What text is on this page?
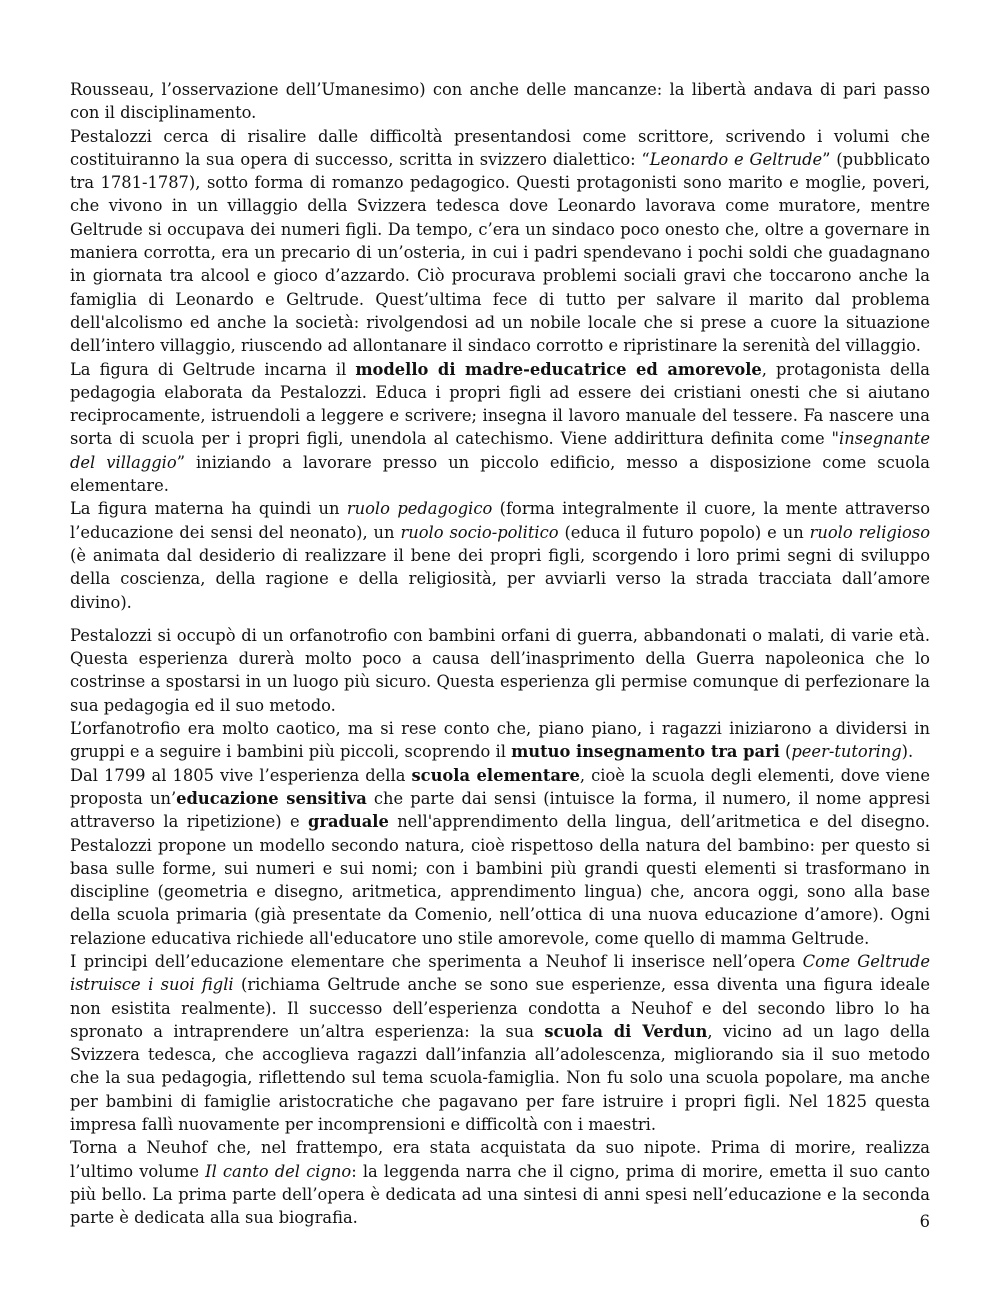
Rousseau, l’osservazione dell’Umanesimo) con anche delle mancanze: la libertà andava di pari passo con il disciplinamento.

Pestalozzi cerca di risalire dalle difficoltà presentandosi come scrittore, scrivendo i volumi che costituiranno la sua opera di successo, scritta in svizzero dialettico: “Leonardo e Geltrude” (pubblicato tra 1781-1787), sotto forma di romanzo pedagogico. Questi protagonisti sono marito e moglie, poveri, che vivono in un villaggio della Svizzera tedesca dove Leonardo lavorava come muratore, mentre Geltrude si occupava dei numeri figli. Da tempo, c’era un sindaco poco onesto che, oltre a governare in maniera corrotta, era un precario di un’osteria, in cui i padri spendevano i pochi soldi che guadagnano in giornata tra alcool e gioco d’azzardo. Ciò procurava problemi sociali gravi che toccarono anche la famiglia di Leonardo e Geltrude. Quest’ultima fece di tutto per salvare il marito dal problema dell'alcolismo ed anche la società: rivolgendosi ad un nobile locale che si prese a cuore la situazione dell’intero villaggio, riuscendo ad allontanare il sindaco corrotto e ripristinare la serenità del villaggio.

La figura di Geltrude incarna il modello di madre-educatrice ed amorevole, protagonista della pedagogia elaborata da Pestalozzi. Educa i propri figli ad essere dei cristiani onesti che si aiutano reciprocamente, istruendoli a leggere e scrivere; insegna il lavoro manuale del tessere. Fa nascere una sorta di scuola per i propri figli, unendola al catechismo. Viene addirittura definita come "insegnante del villaggio” iniziando a lavorare presso un piccolo edificio, messo a disposizione come scuola elementare.

La figura materna ha quindi un ruolo pedagogico (forma integralmente il cuore, la mente attraverso l’educazione dei sensi del neonato), un ruolo socio-politico (educa il futuro popolo) e un ruolo religioso (è animata dal desiderio di realizzare il bene dei propri figli, scorgendo i loro primi segni di sviluppo della coscienza, della ragione e della religiosità, per avviarli verso la strada tracciata dall’amore divino).

Pestalozzi si occupò di un orfanotrofio con bambini orfani di guerra, abbandonati o malati, di varie età. Questa esperienza durerà molto poco a causa dell’inasprimento della Guerra napoleonica che lo costrinse a spostarsi in un luogo più sicuro. Questa esperienza gli permise comunque di perfezionare la sua pedagogia ed il suo metodo.

L’orfanotrofio era molto caotico, ma si rese conto che, piano piano, i ragazzi iniziarono a dividersi in gruppi e a seguire i bambini più piccoli, scoprendo il mutuo insegnamento tra pari (peer-tutoring).

Dal 1799 al 1805 vive l’esperienza della scuola elementare, cioè la scuola degli elementi, dove viene proposta un’educazione sensitiva che parte dai sensi (intuisce la forma, il numero, il nome appresi attraverso la ripetizione) e graduale nell'apprendimento della lingua, dell’aritmetica e del disegno. Pestalozzi propone un modello secondo natura, cioè rispettoso della natura del bambino: per questo si basa sulle forme, sui numeri e sui nomi; con i bambini più grandi questi elementi si trasformano in discipline (geometria e disegno, aritmetica, apprendimento lingua) che, ancora oggi, sono alla base della scuola primaria (già presentate da Comenio, nell’ottica di una nuova educazione d’amore). Ogni relazione educativa richiede all'educatore uno stile amorevole, come quello di mamma Geltrude.

I principi dell’educazione elementare che sperimenta a Neuhof li inserisce nell’opera Come Geltrude istruisce i suoi figli (richiama Geltrude anche se sono sue esperienze, essa diventa una figura ideale non esistita realmente). Il successo dell’esperienza condotta a Neuhof e del secondo libro lo ha spronato a intraprendere un’altra esperienza: la sua scuola di Verdun, vicino ad un lago della Svizzera tedesca, che accoglieva ragazzi dall’infanzia all’adolescenza, migliorando sia il suo metodo che la sua pedagogia, riflettendo sul tema scuola-famiglia. Non fu solo una scuola popolare, ma anche per bambini di famiglie aristocratiche che pagavano per fare istruire i propri figli. Nel 1825 questa impresa fallì nuovamente per incomprensioni e difficoltà con i maestri.

Torna a Neuhof che, nel frattempo, era stata acquistata da suo nipote. Prima di morire, realizza l’ultimo volume Il canto del cigno: la leggenda narra che il cigno, prima di morire, emetta il suo canto più bello. La prima parte dell’opera è dedicata ad una sintesi di anni spesi nell’educazione e la seconda parte è dedicata alla sua biografia.	6
